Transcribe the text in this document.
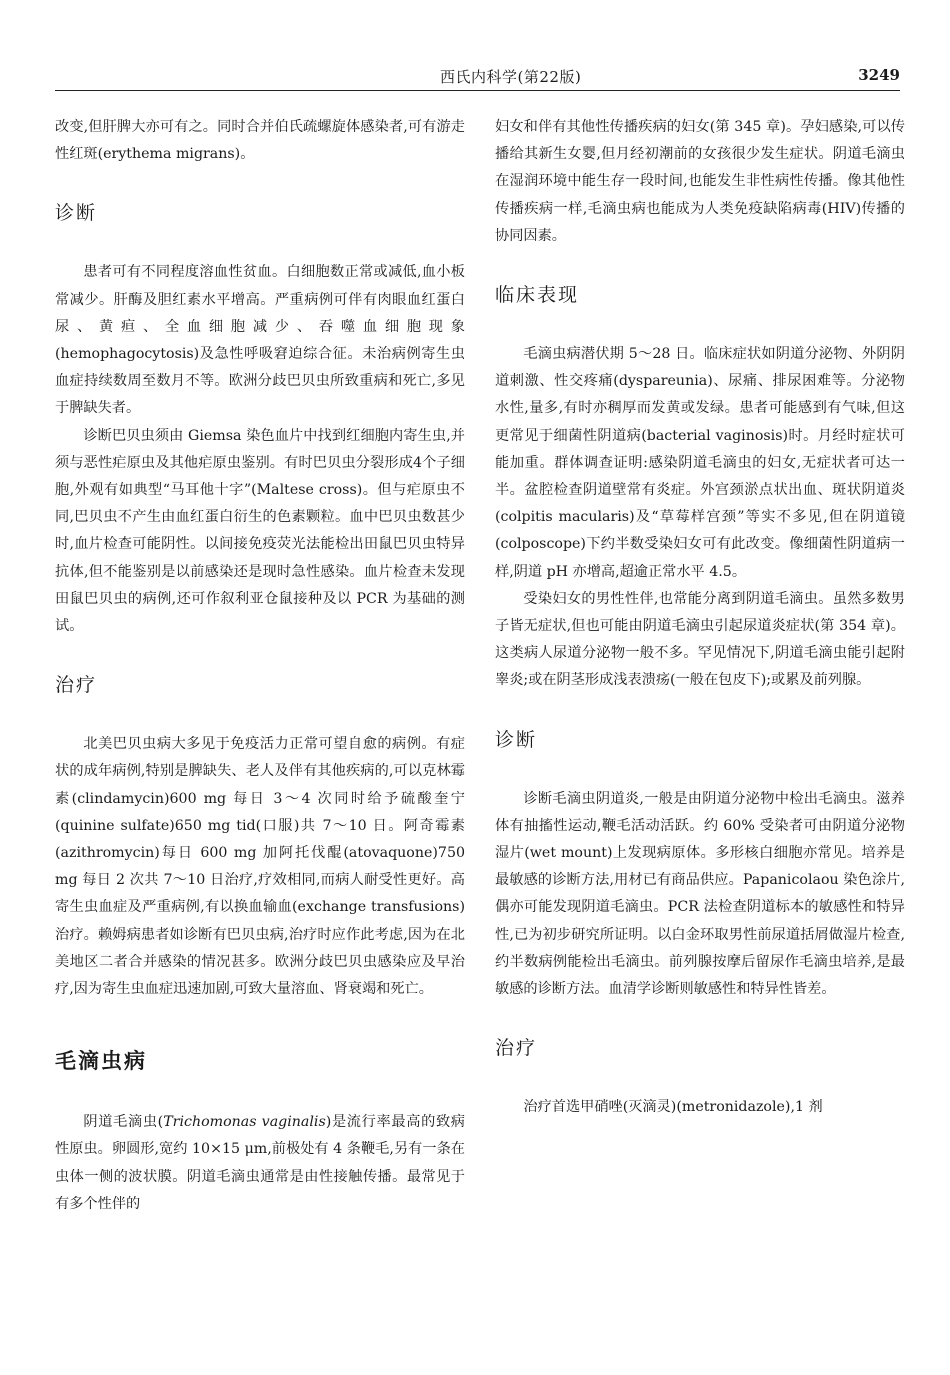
西氏内科学(第22版)	3249

改变,但肝脾大亦可有之。同时合并伯氏疏螺旋体感染者,可有游走性红斑(erythema migrans)。

诊断

患者可有不同程度溶血性贫血。白细胞数正常或减低,血小板常减少。肝酶及胆红素水平增高。严重病例可伴有肉眼血红蛋白尿、黄疸、全血细胞减少、吞噬血细胞现象(hemophagocytosis)及急性呼吸窘迫综合征。未治病例寄生虫血症持续数周至数月不等。欧洲分歧巴贝虫所致重病和死亡,多见于脾缺失者。

诊断巴贝虫须由 Giemsa 染色血片中找到红细胞内寄生虫,并须与恶性疟原虫及其他疟原虫鉴别。有时巴贝虫分裂形成4个子细胞,外观有如典型“马耳他十字”(Maltese cross)。但与疟原虫不同,巴贝虫不产生由血红蛋白衍生的色素颗粒。血中巴贝虫数甚少时,血片检查可能阴性。以间接免疫荧光法能检出田鼠巴贝虫特异抗体,但不能鉴别是以前感染还是现时急性感染。血片检查未发现田鼠巴贝虫的病例,还可作叙利亚仓鼠接种及以 PCR 为基础的测试。

治疗

北美巴贝虫病大多见于免疫活力正常可望自愈的病例。有症状的成年病例,特别是脾缺失、老人及伴有其他疾病的,可以克林霉素(clindamycin)600 mg 每日 3～4 次同时给予硫酸奎宁(quinine sulfate)650 mg tid(口服)共 7～10 日。阿奇霉素(azithromycin)每日 600 mg 加阿托伐醌(atovaquone)750 mg 每日 2 次共 7～10 日治疗,疗效相同,而病人耐受性更好。高寄生虫血症及严重病例,有以换血输血(exchange transfusions)治疗。赖姆病患者如诊断有巴贝虫病,治疗时应作此考虑,因为在北美地区二者合并感染的情况甚多。欧洲分歧巴贝虫感染应及早治疗,因为寄生虫血症迅速加剧,可致大量溶血、肾衰竭和死亡。

毛滴虫病

阴道毛滴虫(Trichomonas vaginalis)是流行率最高的致病性原虫。卵圆形,宽约 10×15 μm,前极处有 4 条鞭毛,另有一条在虫体一侧的波状膜。阴道毛滴虫通常是由性接触传播。最常见于有多个性伴的

妇女和伴有其他性传播疾病的妇女(第 345 章)。孕妇感染,可以传播给其新生女婴,但月经初潮前的女孩很少发生症状。阴道毛滴虫在湿润环境中能生存一段时间,也能发生非性病性传播。像其他性传播疾病一样,毛滴虫病也能成为人类免疫缺陷病毒(HIV)传播的协同因素。

临床表现

毛滴虫病潜伏期 5～28 日。临床症状如阴道分泌物、外阴阴道刺激、性交疼痛(dyspareunia)、尿痛、排尿困难等。分泌物水性,量多,有时亦稠厚而发黄或发绿。患者可能感到有气味,但这更常见于细菌性阴道病(bacterial vaginosis)时。月经时症状可能加重。群体调查证明:感染阴道毛滴虫的妇女,无症状者可达一半。盆腔检查阴道壁常有炎症。外宫颈淤点状出血、斑状阴道炎(colpitis macularis)及“草莓样宫颈”等实不多见,但在阴道镜(colposcope)下约半数受染妇女可有此改变。像细菌性阴道病一样,阴道 pH 亦增高,超逾正常水平 4.5。

受染妇女的男性性伴,也常能分离到阴道毛滴虫。虽然多数男子皆无症状,但也可能由阴道毛滴虫引起尿道炎症状(第 354 章)。这类病人尿道分泌物一般不多。罕见情况下,阴道毛滴虫能引起附睾炎;或在阴茎形成浅表溃疡(一般在包皮下);或累及前列腺。

诊断

诊断毛滴虫阴道炎,一般是由阴道分泌物中检出毛滴虫。滋养体有抽搐性运动,鞭毛活动活跃。约 60% 受染者可由阴道分泌物湿片(wet mount)上发现病原体。多形核白细胞亦常见。培养是最敏感的诊断方法,用材已有商品供应。Papanicolaou 染色涂片,偶亦可能发现阴道毛滴虫。PCR 法检查阴道标本的敏感性和特异性,已为初步研究所证明。以白金环取男性前尿道括屑做湿片检查,约半数病例能检出毛滴虫。前列腺按摩后留尿作毛滴虫培养,是最敏感的诊断方法。血清学诊断则敏感性和特异性皆差。

治疗

治疗首选甲硝唑(灭滴灵)(metronidazole),1 剂
